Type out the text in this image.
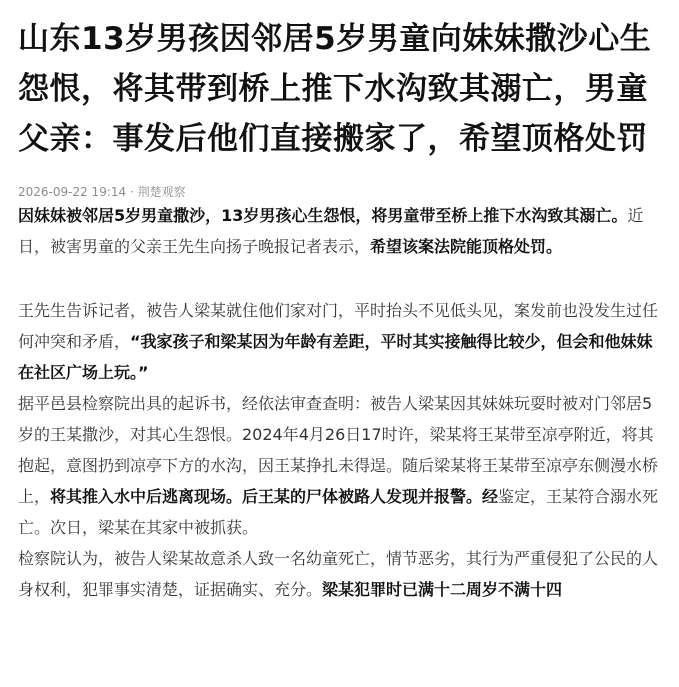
山东13岁男孩因邻居5岁男童向妹妹撒沙心生怨恨，将其带到桥上推下水沟致其溺亡，男童父亲：事发后他们直接搬家了，希望顶格处罚
2026-09-22 19:14 · 荆楚观察

因妹妹被邻居5岁男童撒沙，13岁男孩心生怨恨，将男童带至桥上推下水沟致其溺亡。近日，被害男童的父亲王先生向扬子晚报记者表示，希望该案法院能顶格处罚。

王先生告诉记者，被告人梁某就住他们家对门，平时抬头不见低头见，案发前也没发生过任何冲突和矛盾，“我家孩子和梁某因为年龄有差距，平时其实接触得比较少，但会和他妹妹在社区广场上玩。”

据平邑县检察院出具的起诉书，经依法审查查明：被告人梁某因其妹妹玩耍时被对门邻居5岁的王某撒沙，对其心生怨恨。2024年4月26日17时许，梁某将王某带至凉亭附近，将其抱起，意图扔到凉亭下方的水沟，因王某挣扎未得逞。随后梁某将王某带至凉亭东侧漫水桥上，将其推入水中后逃离现场。后王某的尸体被路人发现并报警。经鉴定，王某符合溺水死亡。次日，梁某在其家中被抓获。

检察院认为，被告人梁某故意杀人致一名幼童死亡，情节恶劣，其行为严重侵犯了公民的人身权利，犯罪事实清楚，证据确实、充分。梁某犯罪时已满十二周岁不满十四
